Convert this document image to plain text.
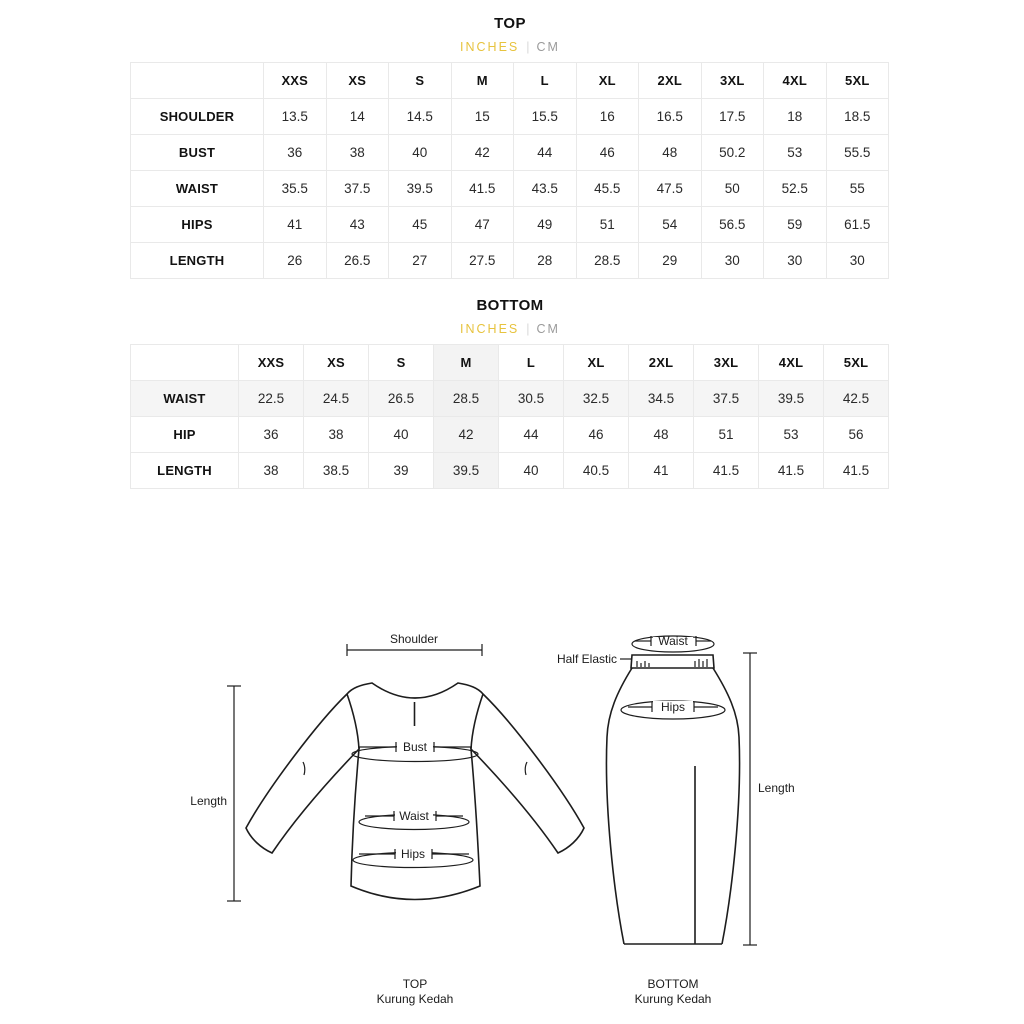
TOP
INCHES | CM
	XXS	XS	S	M	L	XL	2XL	3XL	4XL	5XL
SHOULDER	13.5	14	14.5	15	15.5	16	16.5	17.5	18	18.5
BUST	36	38	40	42	44	46	48	50.2	53	55.5
WAIST	35.5	37.5	39.5	41.5	43.5	45.5	47.5	50	52.5	55
HIPS	41	43	45	47	49	51	54	56.5	59	61.5
LENGTH	26	26.5	27	27.5	28	28.5	29	30	30	30
BOTTOM
INCHES | CM
	XXS	XS	S	M	L	XL	2XL	3XL	4XL	5XL
WAIST	22.5	24.5	26.5	28.5	30.5	32.5	34.5	37.5	39.5	42.5
HIP	36	38	40	42	44	46	48	51	53	56
LENGTH	38	38.5	39	39.5	40	40.5	41	41.5	41.5	41.5
Shoulder
Length
Bust
Waist
Hips
TOP
Kurung Kedah
Waist
Half Elastic
Hips
Length
BOTTOM
Kurung Kedah
